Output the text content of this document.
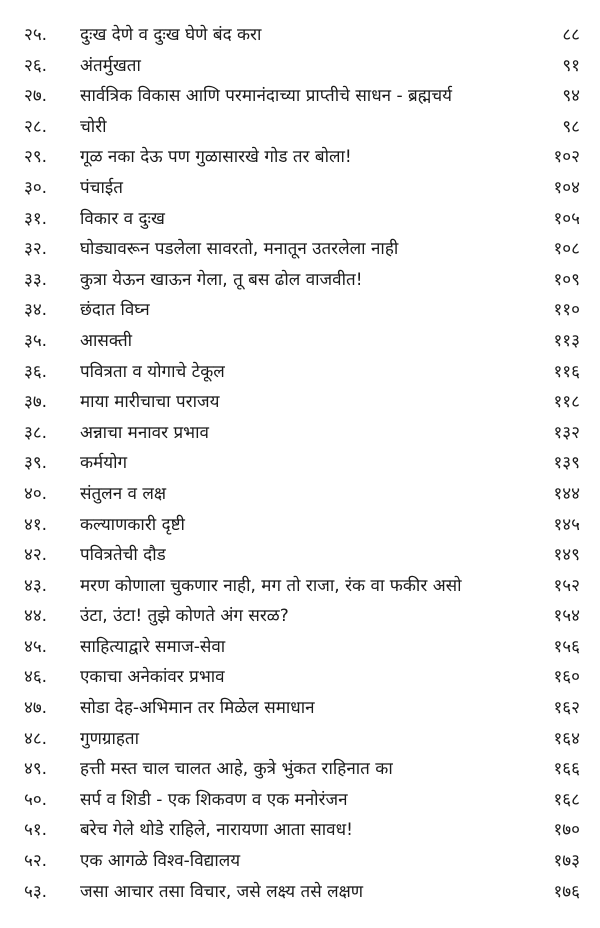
२५.	दुःख देणे व दुःख घेणे बंद करा	८८
२६.	अंतर्मुखता	९१
२७.	सार्वत्रिक विकास आणि परमानंदाच्या प्राप्तीचे साधन - ब्रह्मचर्य	९४
२८.	चोरी	९८
२९.	गूळ नका देऊ पण गुळासारखे गोड तर बोला!	१०२
३०.	पंचाईत	१०४
३१.	विकार व दुःख	१०५
३२.	घोड्यावरून पडलेला सावरतो, मनातून उतरलेला नाही	१०८
३३.	कुत्रा येऊन खाऊन गेला, तू बस ढोल वाजवीत!	१०९
३४.	छंदात विघ्न	११०
३५.	आसक्ती	११३
३६.	पवित्रता व योगाचे टेकूल	११६
३७.	माया मारीचाचा पराजय	११८
३८.	अन्नाचा मनावर प्रभाव	१३२
३९.	कर्मयोग	१३९
४०.	संतुलन व लक्ष	१४४
४१.	कल्याणकारी दृष्टी	१४५
४२.	पवित्रतेची दौड	१४९
४३.	मरण कोणाला चुकणार नाही, मग तो राजा, रंक वा फकीर असो	१५२
४४.	उंटा, उंटा! तुझे कोणते अंग सरळ?	१५४
४५.	साहित्याद्वारे समाज-सेवा	१५६
४६.	एकाचा अनेकांवर प्रभाव	१६०
४७.	सोडा देह-अभिमान तर मिळेल समाधान	१६२
४८.	गुणग्राहता	१६४
४९.	हत्ती मस्त चाल चालत आहे, कुत्रे भुंकत राहिनात का	१६६
५०.	सर्प व शिडी - एक शिकवण व एक मनोरंजन	१६८
५१.	बरेच गेले थोडे राहिले, नारायणा आता सावध!	१७०
५२.	एक आगळे विश्व-विद्यालय	१७३
५३.	जसा आचार तसा विचार, जसे लक्ष्य तसे लक्षण	१७६
